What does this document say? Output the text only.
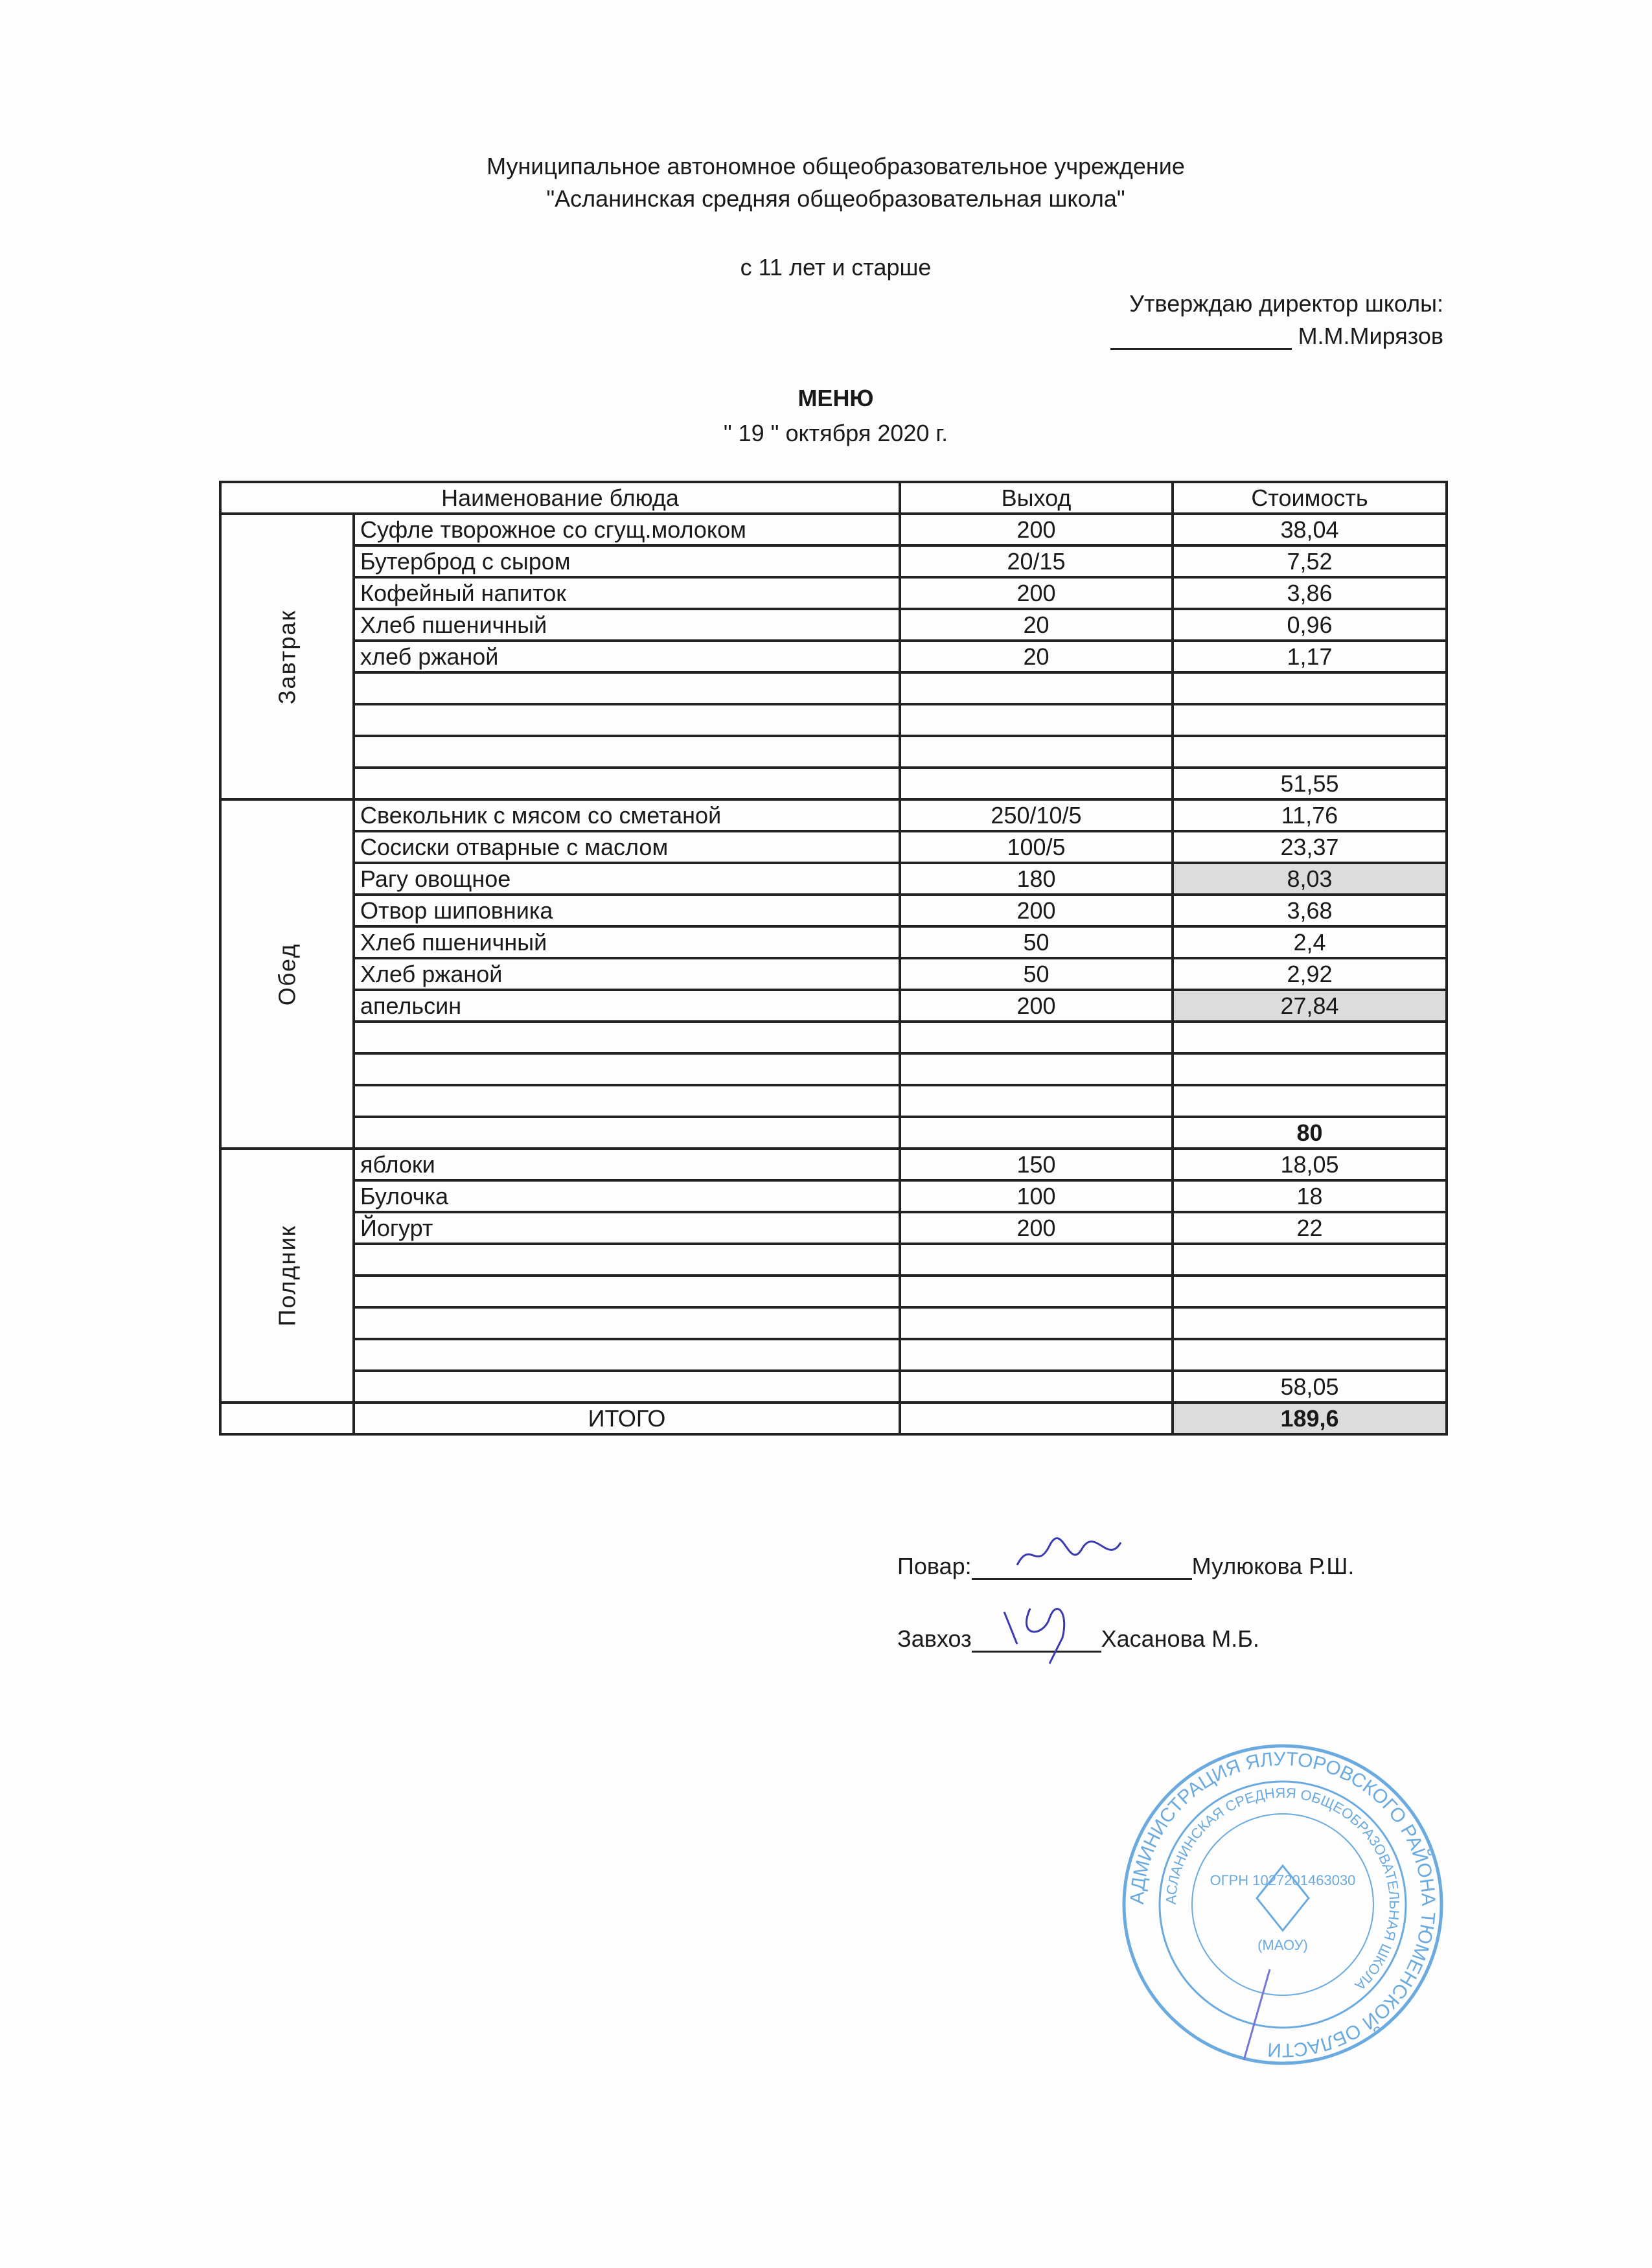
Муниципальное автономное общеобразовательное учреждение
"Асланинская средняя общеобразовательная школа"
с 11 лет и старше
Утверждаю директор школы:
М.М.Мирязов
МЕНЮ
" 19 " октября 2020 г.
АДМИНИСТРАЦИЯ ЯЛУТОРОВСКОГО РАЙОНА ТЮМЕНСКОЙ ОБЛАСТИ
АСЛАНИНСКАЯ СРЕДНЯЯ ОБЩЕОБРАЗОВАТЕЛЬНАЯ ШКОЛА
ОГРН 1027201463030
(МАОУ)
Наименование блюда		Выход	Стоимость

Завтрак	Суфле творожное со сгущ.молоком	200	38,04
	Бутерброд с сыром	20/15	7,52
	Кофейный напиток	200	3,86
	Хлеб пшеничный	20	0,96
	хлеб ржаной	20	1,17

			51,55

Обед	Свекольник с мясом со сметаной	250/10/5	11,76
	Сосиски отварные с маслом	100/5	23,37
	Рагу овощное	180	8,03
	Отвор шиповника	200	3,68
	Хлеб пшеничный	50	2,4
	Хлеб ржаной	50	2,92
	апельсин	200	27,84

			80

Полдник	яблоки	150	18,05
	Булочка	100	18
	Йогурт	200	22

			58,05
	ИТОГО		189,6
Повар:	Мулюкова Р.Ш.
Завхоз	Хасанова М.Б.
